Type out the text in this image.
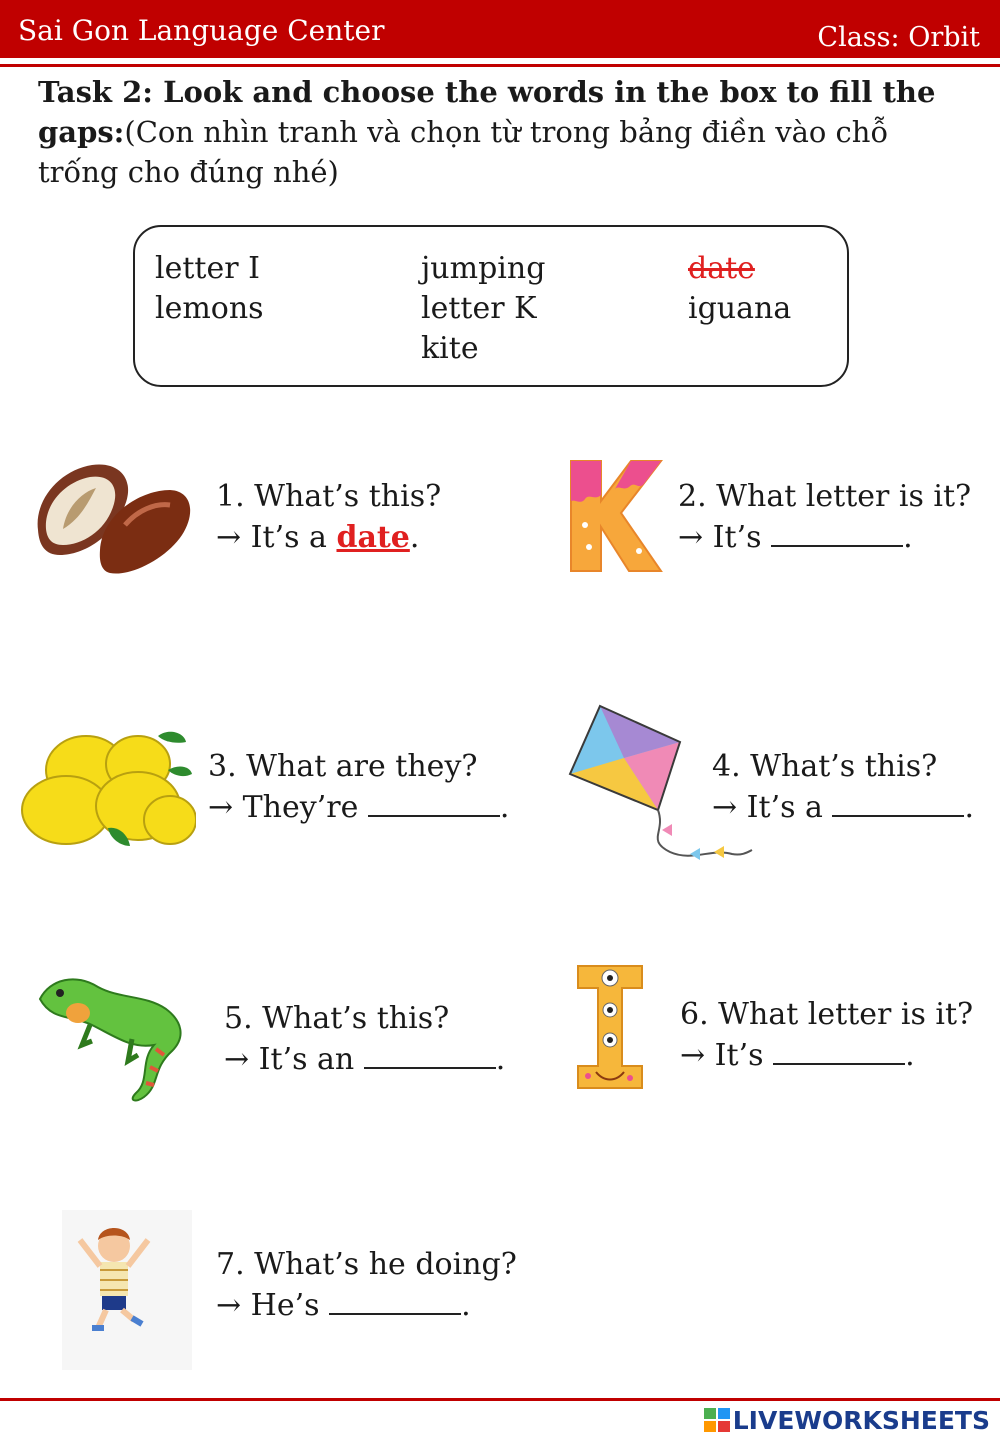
Sai Gon Language Center	Class: Orbit
Task 2: Look and choose the words in the box to fill the gaps:(Con nhìn tranh và chọn từ trong bảng điền vào chỗ trống cho đúng nhé)
letter I	jumping	date
lemons	letter K	iguana
kite
1. What’s this?
→ It’s a date.
2. What letter is it?
→ It’s	.
3. What are they?
→ They’re	.
4. What’s this?
→ It’s a	.
5. What’s this?
→ It’s an	.
6. What letter is it?
→ It’s	.
7. What’s he doing?
→ He’s	.
LIVEWORKSHEETS
